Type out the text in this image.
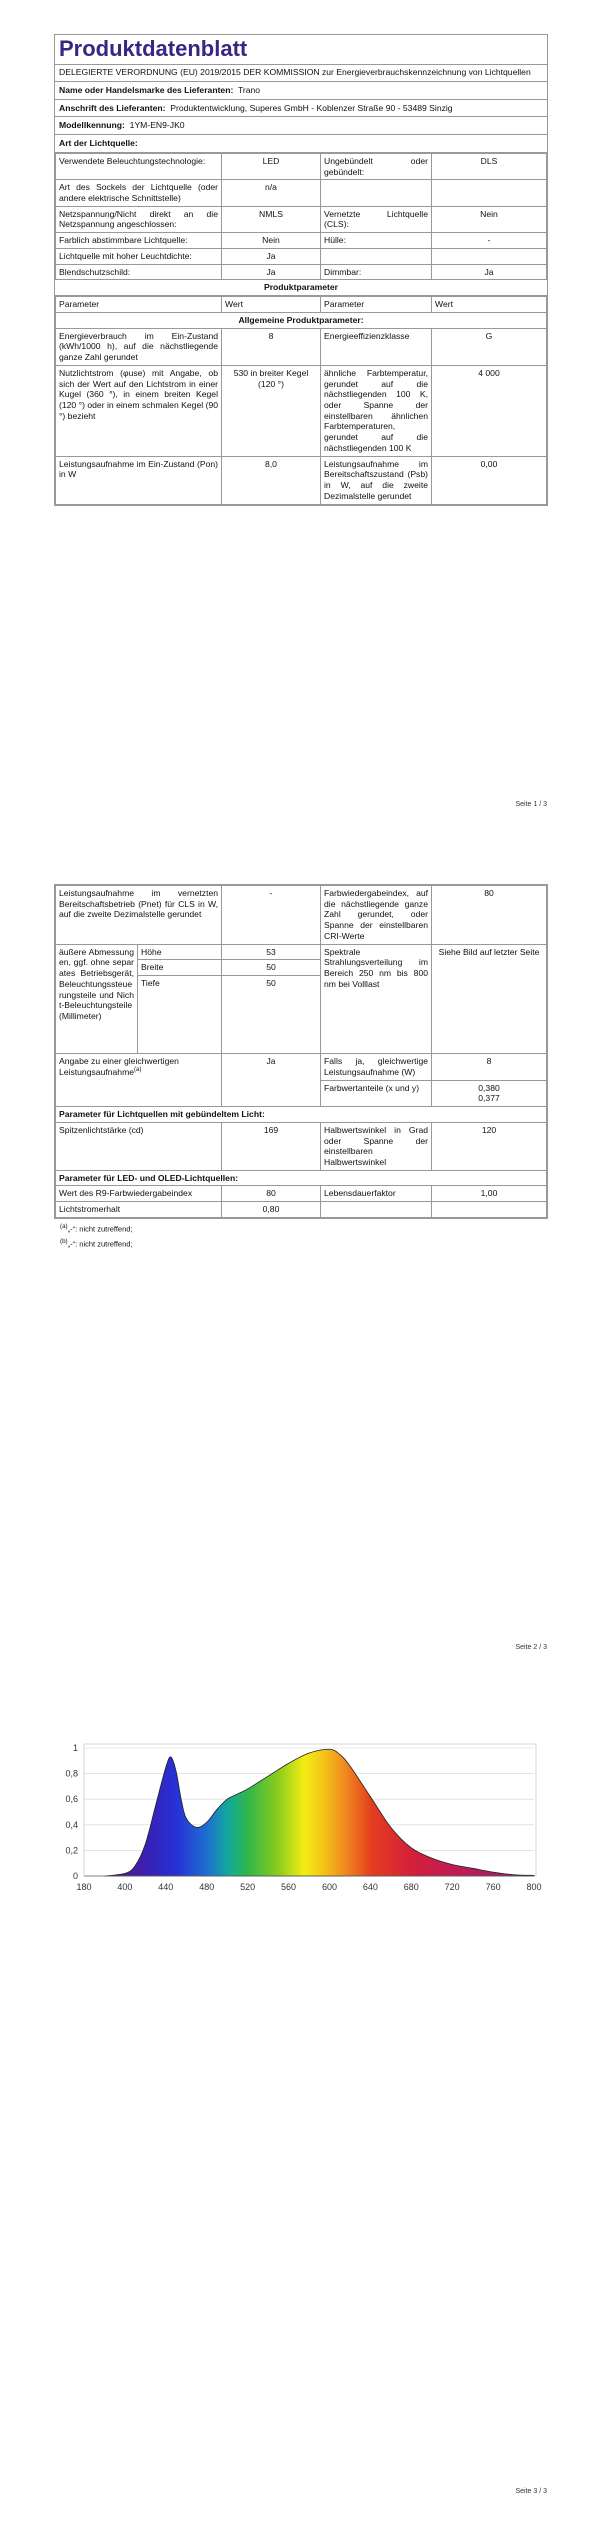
Produktdatenblatt
DELEGIERTE VERORDNUNG (EU) 2019/2015 DER KOMMISSION zur Energieverbrauchskennzeichnung von Lichtquellen
Name oder Handelsmarke des Lieferanten: Trano
Anschrift des Lieferanten: Produktentwicklung, Superes GmbH - Koblenzer Straße 90 - 53489 Sinzig
Modellkennung: 1YM-EN9-JK0
Art der Lichtquelle:
Verwendete Beleuchtungstechnologie:	LED	Ungebündelt oder gebündelt:	DLS
Art des Sockels der Lichtquelle (oder andere elektrische Schnittstelle)	n/a		
Netzspannung/Nicht direkt an die Netzspannung angeschlossen:	NMLS	Vernetzte Lichtquelle (CLS):	Nein
Farblich abstimmbare Lichtquelle:	Nein	Hülle:	-
Lichtquelle mit hoher Leuchtdichte:	Ja		
Blendschutzschild:	Ja	Dimmbar:	Ja
Produktparameter
Parameter	Wert	Parameter	Wert
Allgemeine Produktparameter:			
Energieverbrauch im Ein-Zustand (kWh/1000 h), auf die nächstliegende ganze Zahl gerundet	8	Energieeffizienzklasse	G
Nutzlichtstrom (φuse) mit Angabe, ob sich der Wert auf den Lichtstrom in einer Kugel (360 °), in einem breiten Kegel (120 °) oder in einem schmalen Kegel (90 °) bezieht	530 in breiter Kegel (120 °)	ähnliche Farbtemperatur, gerundet auf die nächstliegenden 100 K, oder Spanne der einstellbaren ähnlichen Farbtemperaturen, gerundet auf die nächstliegenden 100 K	4 000
Leistungsaufnahme im Ein-Zustand (Pon) in W	8,0	Leistungsaufnahme im Bereitschaftszustand (Psb) in W, auf die zweite Dezimalstelle gerundet	0,00
Seite 1 / 3
Leistungsaufnahme im vernetzten Bereitschaftsbetrieb (Pnet) für CLS in W, auf die zweite Dezimalstelle gerundet		-	Farbwiedergabeindex, auf die nächstliegende ganze Zahl gerundet, oder Spanne der einstellbaren CRI-Werte	80
äußere Abmessungen, ggf. ohne separates Betriebsgerät, Beleuchtungssteuerungsteile und Nicht-Beleuchtungsteile (Millimeter)	Höhe	53	Spektrale Strahlungsverteilung im Bereich 250 nm bis 800 nm bei Volllast	Siehe Bild auf letzter Seite
	Breite	50		
	Tiefe	50		
Angabe zu einer gleichwertigen Leistungsaufnahme$^{(a)}$		Ja	Falls ja, gleichwertige Leistungsaufnahme (W)	8
			Farbwertanteile (x und y)	0,380
0,377
Parameter für Lichtquellen mit gebündeltem Licht:				
Spitzenlichtstärke (cd)		169	Halbwertswinkel in Grad oder Spanne der einstellbaren Halbwertswinkel	120
Parameter für LED- und OLED-Lichtquellen:				
Wert des R9-Farbwiedergabeindex		80	Lebensdauerfaktor	1,00
Lichtstromerhalt		0,80		
$^{(a)}$„-“: nicht zutreffend;
$^{(b)}$„-“: nicht zutreffend;
Seite 2 / 3
0
0,2
0,4
0,6
0,8
1
180	400	440	480	520	560	600	640	680	720	760	800
Seite 3 / 3
